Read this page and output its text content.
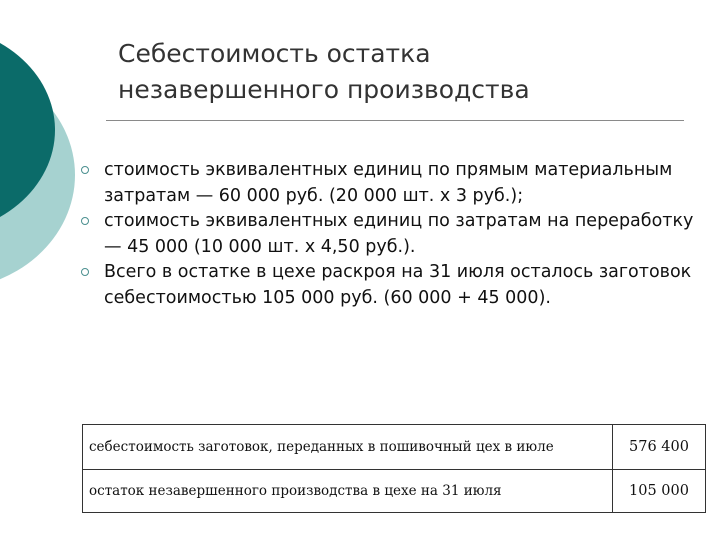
Себестоимость остатка
незавершенного производства
стоимость эквивалентных единиц по прямым материальным затратам — 60 000 руб. (20 000 шт. х 3 руб.);
стоимость эквивалентных единиц по затратам на переработку — 45 000 (10 000 шт. х 4,50 руб.).
Всего в остатке в цехе раскроя на 31 июля осталось заготовок себестоимостью 105 000 руб. (60 000 + 45 000).
себестоимость заготовок, переданных в пошивочный цех в июле	576 400
остаток незавершенного производства в цехе на 31 июля	105 000
